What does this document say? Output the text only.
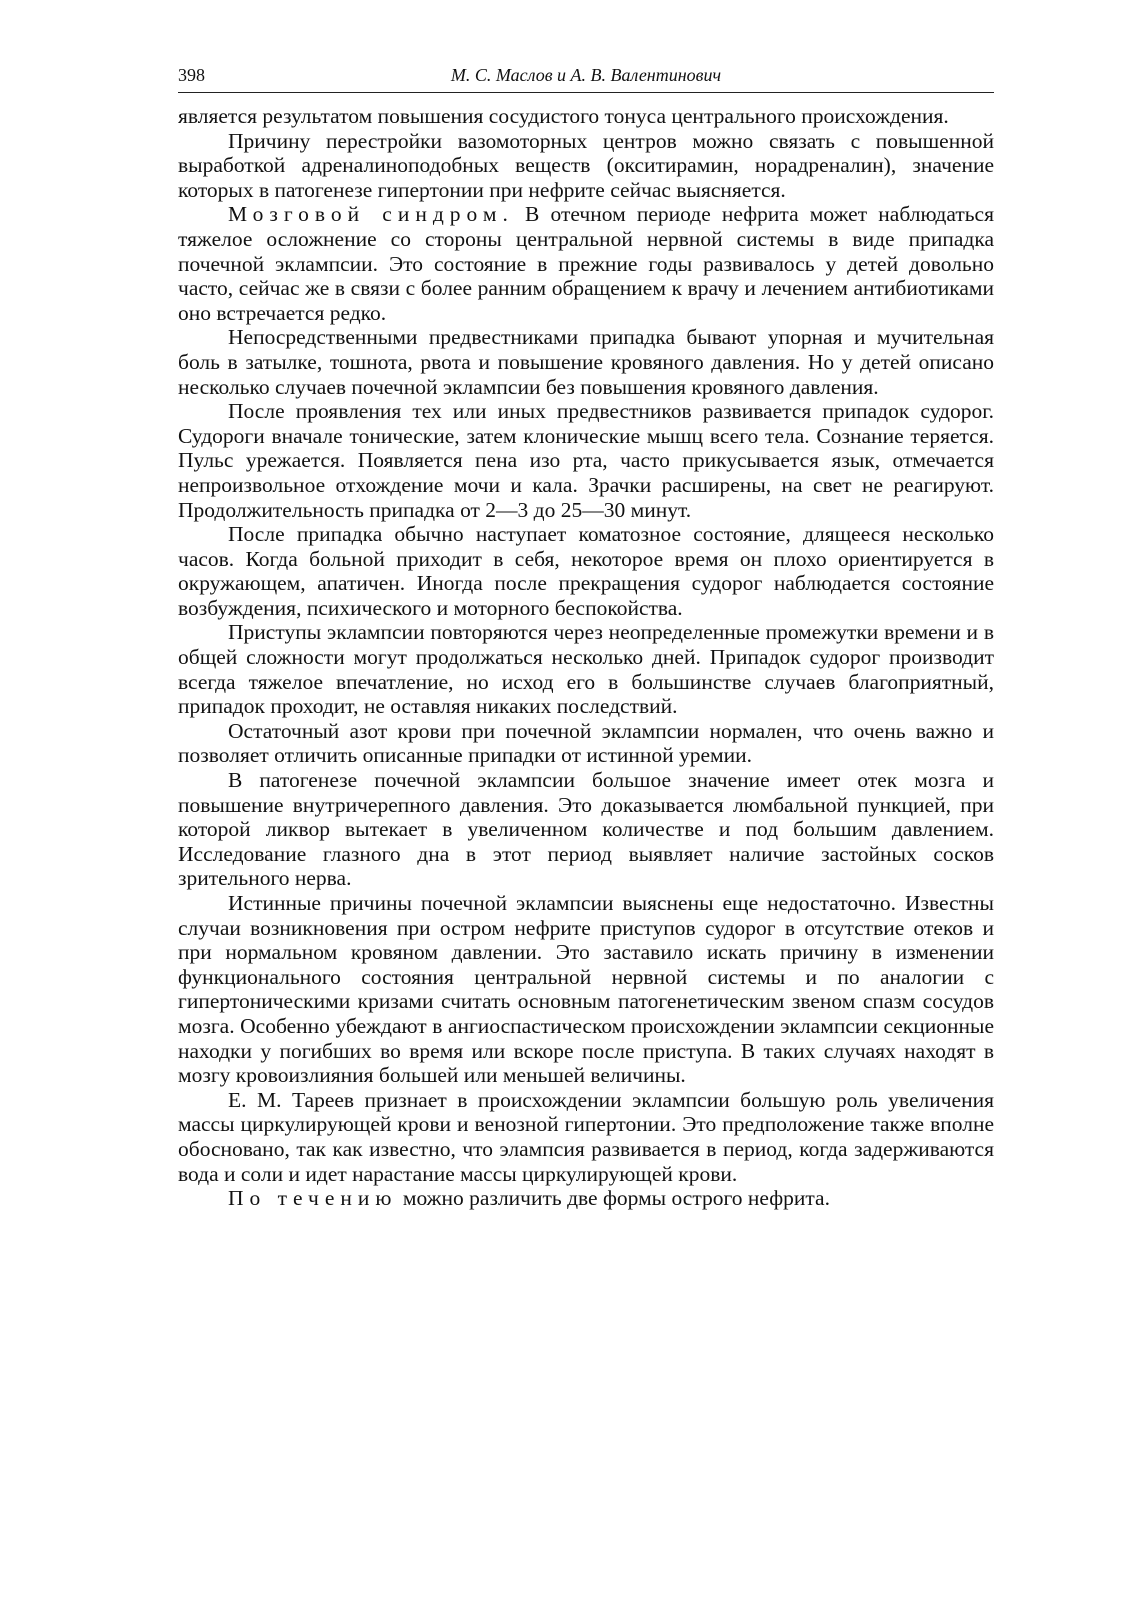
398	М. С. Маслов и А. В. Валентинович

является результатом повышения сосудистого тонуса центрального происхождения.

Причину перестройки вазомоторных центров можно связать с повышенной выработкой адреналиноподобных веществ (окситирамин, норадреналин), значение которых в патогенезе гипертонии при нефрите сейчас выясняется.

Мозговой синдром. В отечном периоде нефрита может наблюдаться тяжелое осложнение со стороны центральной нервной системы в виде припадка почечной эклампсии. Это состояние в прежние годы развивалось у детей довольно часто, сейчас же в связи с более ранним обращением к врачу и лечением антибиотиками оно встречается редко.

Непосредственными предвестниками припадка бывают упорная и мучительная боль в затылке, тошнота, рвота и повышение кровяного давления. Но у детей описано несколько случаев почечной эклампсии без повышения кровяного давления.

После проявления тех или иных предвестников развивается припадок судорог. Судороги вначале тонические, затем клонические мышц всего тела. Сознание теряется. Пульс урежается. Появляется пена изо рта, часто прикусывается язык, отмечается непроизвольное отхождение мочи и кала. Зрачки расширены, на свет не реагируют. Продолжительность припадка от 2—3 до 25—30 минут.

После припадка обычно наступает коматозное состояние, длящееся несколько часов. Когда больной приходит в себя, некоторое время он плохо ориентируется в окружающем, апатичен. Иногда после прекращения судорог наблюдается состояние возбуждения, психического и моторного беспокойства.

Приступы эклампсии повторяются через неопределенные промежутки времени и в общей сложности могут продолжаться несколько дней. Припадок судорог производит всегда тяжелое впечатление, но исход его в большинстве случаев благоприятный, припадок проходит, не оставляя никаких последствий.

Остаточный азот крови при почечной эклампсии нормален, что очень важно и позволяет отличить описанные припадки от истинной уремии.

В патогенезе почечной эклампсии большое значение имеет отек мозга и повышение внутричерепного давления. Это доказывается люмбальной пункцией, при которой ликвор вытекает в увеличенном количестве и под большим давлением. Исследование глазного дна в этот период выявляет наличие застойных сосков зрительного нерва.

Истинные причины почечной эклампсии выяснены еще недостаточно. Известны случаи возникновения при остром нефрите приступов судорог в отсутствие отеков и при нормальном кровяном давлении. Это заставило искать причину в изменении функционального состояния центральной нервной системы и по аналогии с гипертоническими кризами считать основным патогенетическим звеном спазм сосудов мозга. Особенно убеждают в ангиоспастическом происхождении эклампсии секционные находки у погибших во время или вскоре после приступа. В таких случаях находят в мозгу кровоизлияния большей или меньшей величины.

Е. М. Тареев признает в происхождении эклампсии большую роль увеличения массы циркулирующей крови и венозной гипертонии. Это предположение также вполне обосновано, так как известно, что элампсия развивается в период, когда задерживаются вода и соли и идет нарастание массы циркулирующей крови.

По течению можно различить две формы острого нефрита.
